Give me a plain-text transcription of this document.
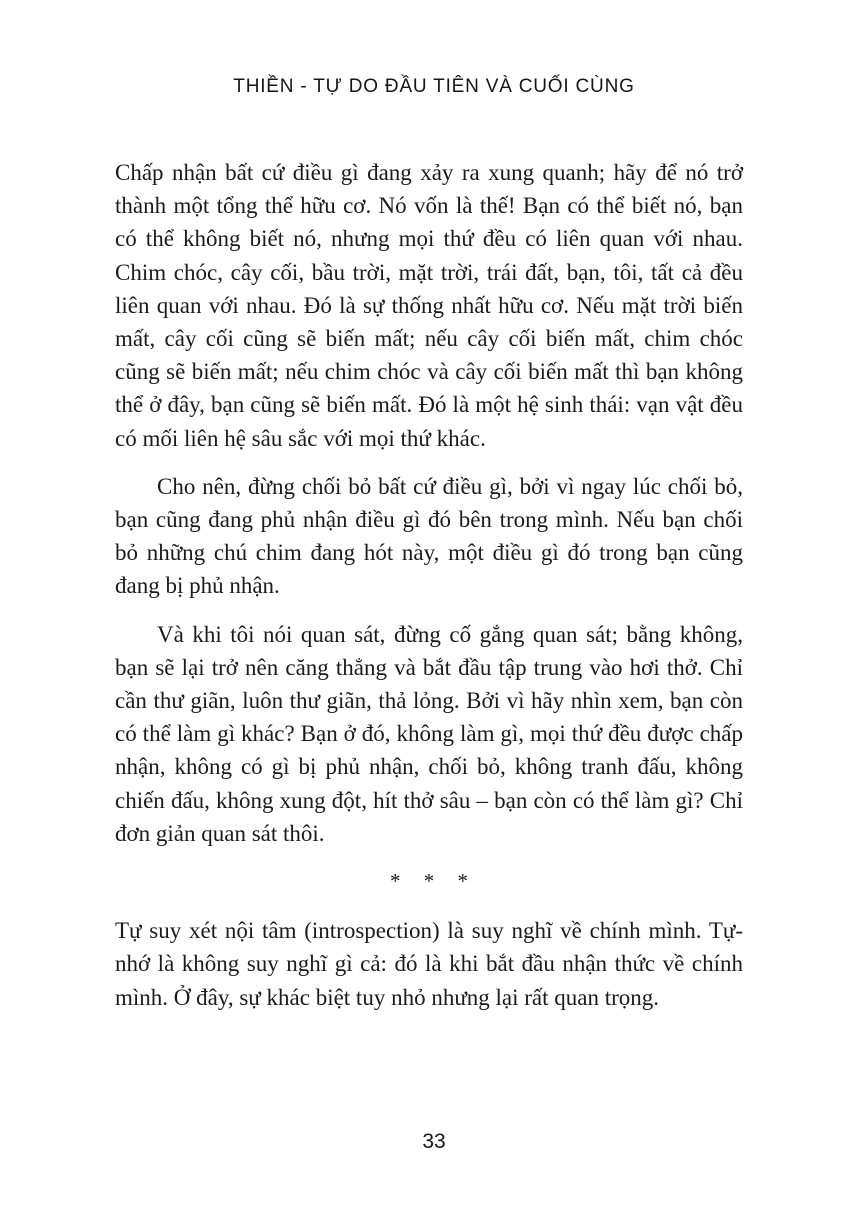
THIỀN - TỰ DO ĐẦU TIÊN VÀ CUỐI CÙNG

Chấp nhận bất cứ điều gì đang xảy ra xung quanh; hãy để nó trở thành một tổng thể hữu cơ. Nó vốn là thế! Bạn có thể biết nó, bạn có thể không biết nó, nhưng mọi thứ đều có liên quan với nhau. Chim chóc, cây cối, bầu trời, mặt trời, trái đất, bạn, tôi, tất cả đều liên quan với nhau. Đó là sự thống nhất hữu cơ. Nếu mặt trời biến mất, cây cối cũng sẽ biến mất; nếu cây cối biến mất, chim chóc cũng sẽ biến mất; nếu chim chóc và cây cối biến mất thì bạn không thể ở đây, bạn cũng sẽ biến mất. Đó là một hệ sinh thái: vạn vật đều có mối liên hệ sâu sắc với mọi thứ khác.

Cho nên, đừng chối bỏ bất cứ điều gì, bởi vì ngay lúc chối bỏ, bạn cũng đang phủ nhận điều gì đó bên trong mình. Nếu bạn chối bỏ những chú chim đang hót này, một điều gì đó trong bạn cũng đang bị phủ nhận.

Và khi tôi nói quan sát, đừng cố gắng quan sát; bằng không, bạn sẽ lại trở nên căng thẳng và bắt đầu tập trung vào hơi thở. Chỉ cần thư giãn, luôn thư giãn, thả lỏng. Bởi vì hãy nhìn xem, bạn còn có thể làm gì khác? Bạn ở đó, không làm gì, mọi thứ đều được chấp nhận, không có gì bị phủ nhận, chối bỏ, không tranh đấu, không chiến đấu, không xung đột, hít thở sâu – bạn còn có thể làm gì? Chỉ đơn giản quan sát thôi.

* * *

Tự suy xét nội tâm (introspection) là suy nghĩ về chính mình. Tự-nhớ là không suy nghĩ gì cả: đó là khi bắt đầu nhận thức về chính mình. Ở đây, sự khác biệt tuy nhỏ nhưng lại rất quan trọng.

33
